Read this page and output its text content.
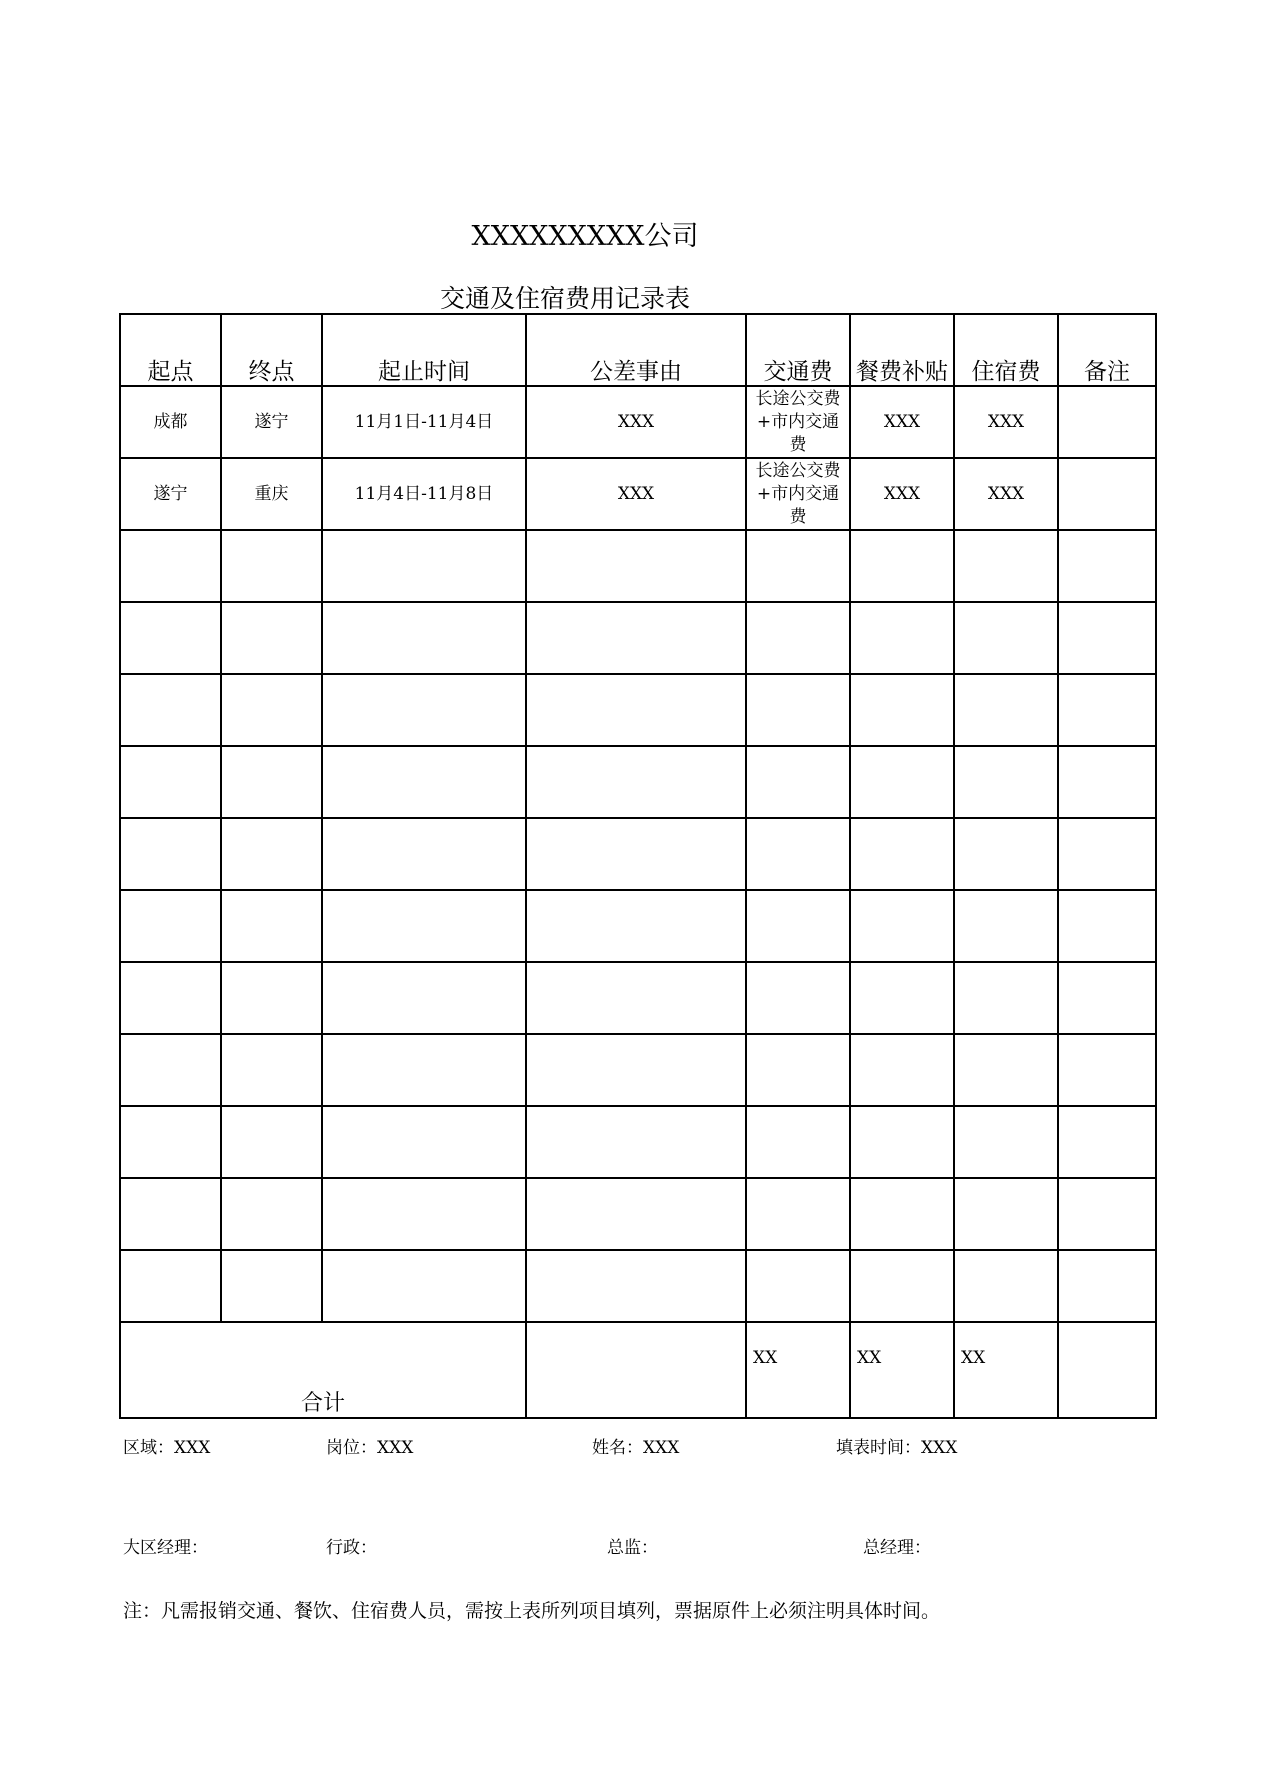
XXXXXXXXX公司
交通及住宿费用记录表
起点	终点	起止时间	公差事由	交通费	餐费补贴	住宿费	备注
成都	遂宁	11月1日-11月4日	XXX	长途公交费+市内交通费	XXX	XXX	
遂宁	重庆	11月4日-11月8日	XXX	长途公交费+市内交通费	XXX	XXX	

合计				XX	XX	XX	
区域：XXX	岗位：XXX	姓名：XXX	填表时间：XXX
大区经理：	行政：	总监：	总经理：
注：凡需报销交通、餐饮、住宿费人员，需按上表所列项目填列，票据原件上必须注明具体时间。
